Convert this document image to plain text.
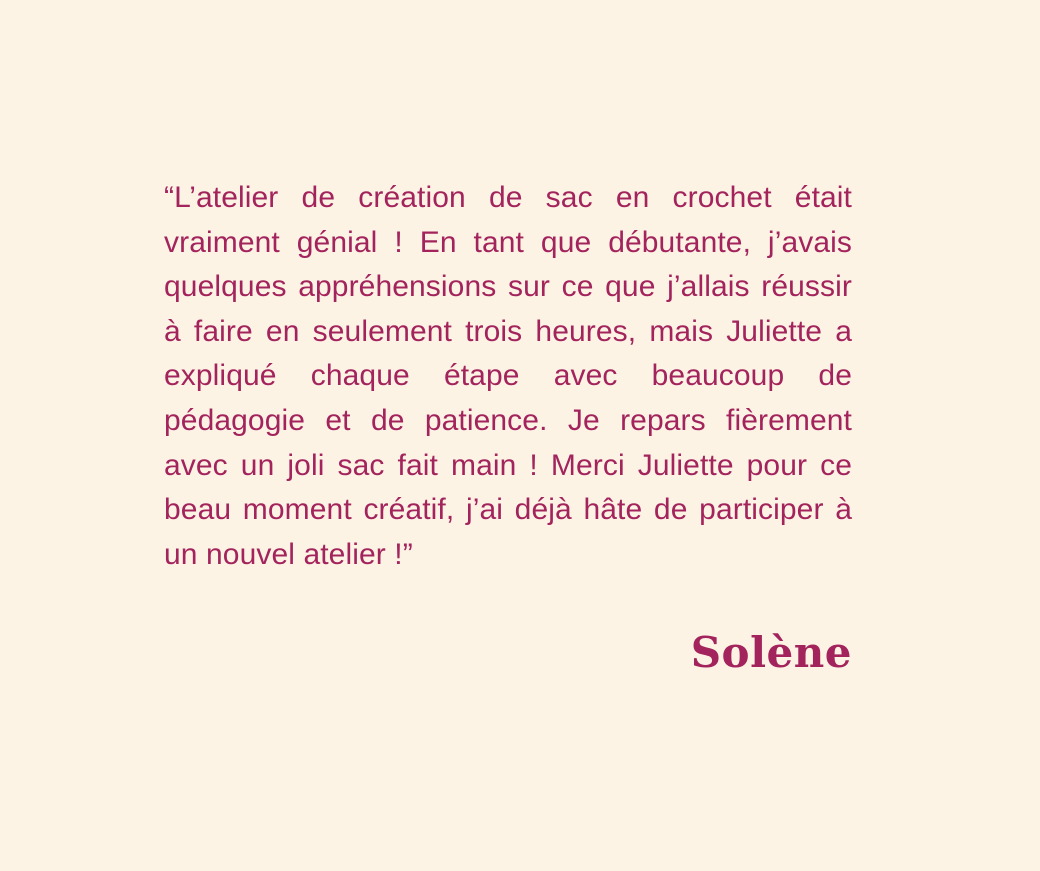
“L’atelier de création de sac en crochet était vraiment génial ! En tant que débutante, j’avais quelques appréhensions sur ce que j’allais réussir à faire en seulement trois heures, mais Juliette a expliqué chaque étape avec beaucoup de pédagogie et de patience. Je repars fièrement avec un joli sac fait main ! Merci Juliette pour ce beau moment créatif, j’ai déjà hâte de participer à un nouvel atelier !”

Solène
